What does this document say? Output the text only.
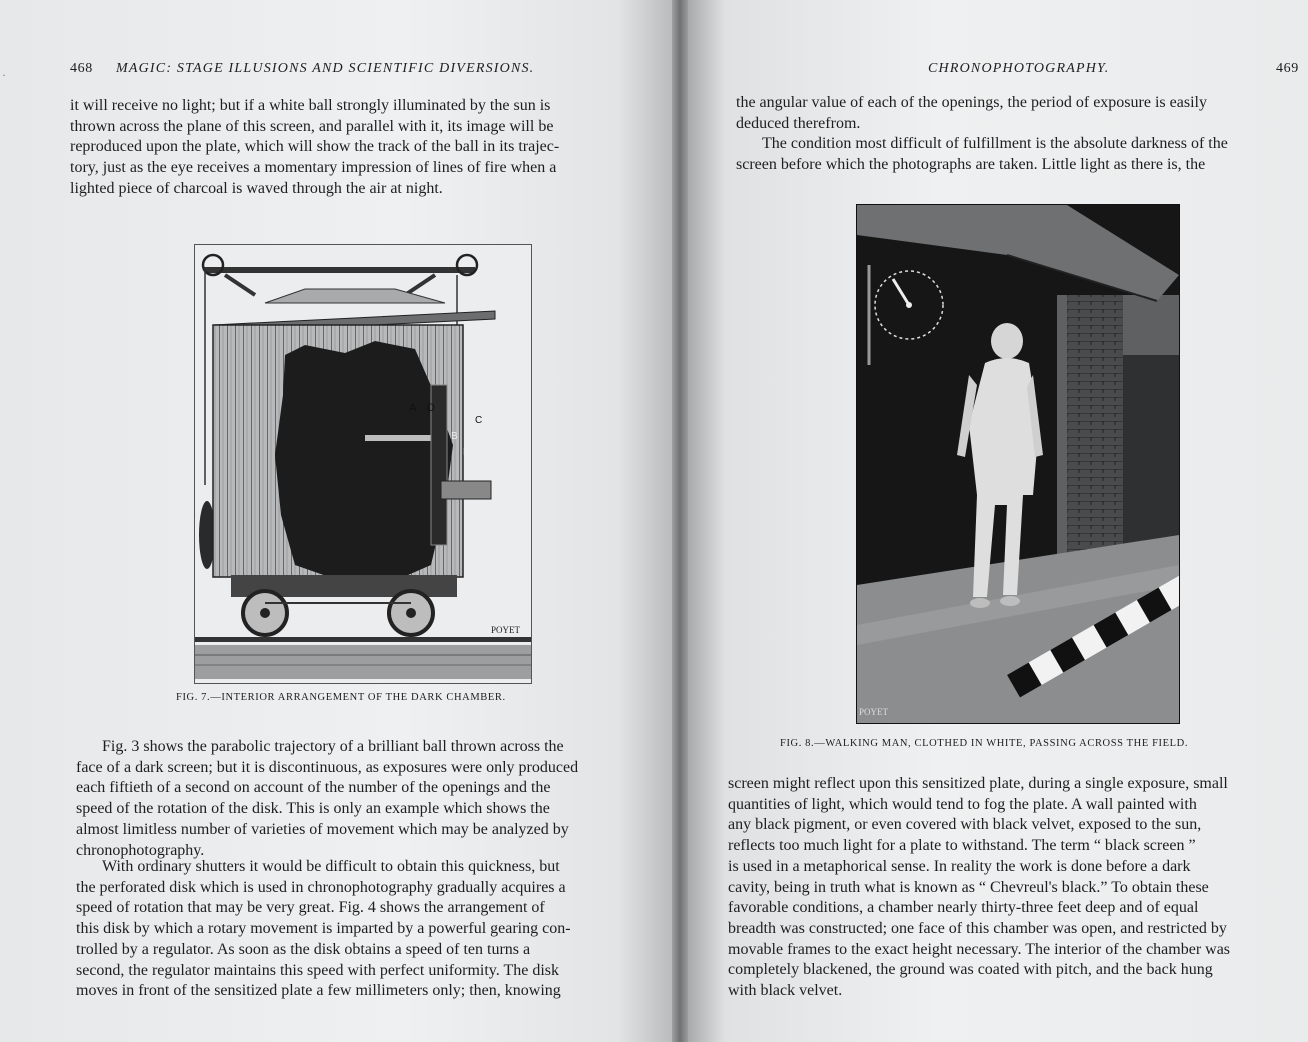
468 MAGIC: STAGE ILLUSIONS AND SCIENTIFIC DIVERSIONS.

it will receive no light; but if a white ball strongly illuminated by the sun is
thrown across the plane of this screen, and parallel with it, its image will be
reproduced upon the plate, which will show the track of the ball in its trajec-
tory, just as the eye receives a momentary impression of lines of fire when a
lighted piece of charcoal is waved through the air at night.

A D
C
B
E
POYET
FIG. 7.—INTERIOR ARRANGEMENT OF THE DARK CHAMBER.

Fig. 3 shows the parabolic trajectory of a brilliant ball thrown across the
face of a dark screen; but it is discontinuous, as exposures were only produced
each fiftieth of a second on account of the number of the openings and the
speed of the rotation of the disk. This is only an example which shows the
almost limitless number of varieties of movement which may be analyzed by
chronophotography.

With ordinary shutters it would be difficult to obtain this quickness, but
the perforated disk which is used in chronophotography gradually acquires a
speed of rotation that may be very great. Fig. 4 shows the arrangement of
this disk by which a rotary movement is imparted by a powerful gearing con-
trolled by a regulator. As soon as the disk obtains a speed of ten turns a
second, the regulator maintains this speed with perfect uniformity. The disk
moves in front of the sensitized plate a few millimeters only; then, knowing

·	CHRONOPHOTOGRAPHY.	469

the angular value of each of the openings, the period of exposure is easily
deduced therefrom.

The condition most difficult of fulfillment is the absolute darkness of the
screen before which the photographs are taken. Little light as there is, the

FIG. 8.—WALKING MAN, CLOTHED IN WHITE, PASSING ACROSS THE FIELD.

screen might reflect upon this sensitized plate, during a single exposure, small
quantities of light, which would tend to fog the plate. A wall painted with
any black pigment, or even covered with black velvet, exposed to the sun,
reflects too much light for a plate to withstand. The term “ black screen ”
is used in a metaphorical sense. In reality the work is done before a dark
cavity, being in truth what is known as “ Chevreul's black.” To obtain these
favorable conditions, a chamber nearly thirty-three feet deep and of equal
breadth was constructed; one face of this chamber was open, and restricted by
movable frames to the exact height necessary. The interior of the chamber was
completely blackened, the ground was coated with pitch, and the back hung
with black velvet.

POYET
